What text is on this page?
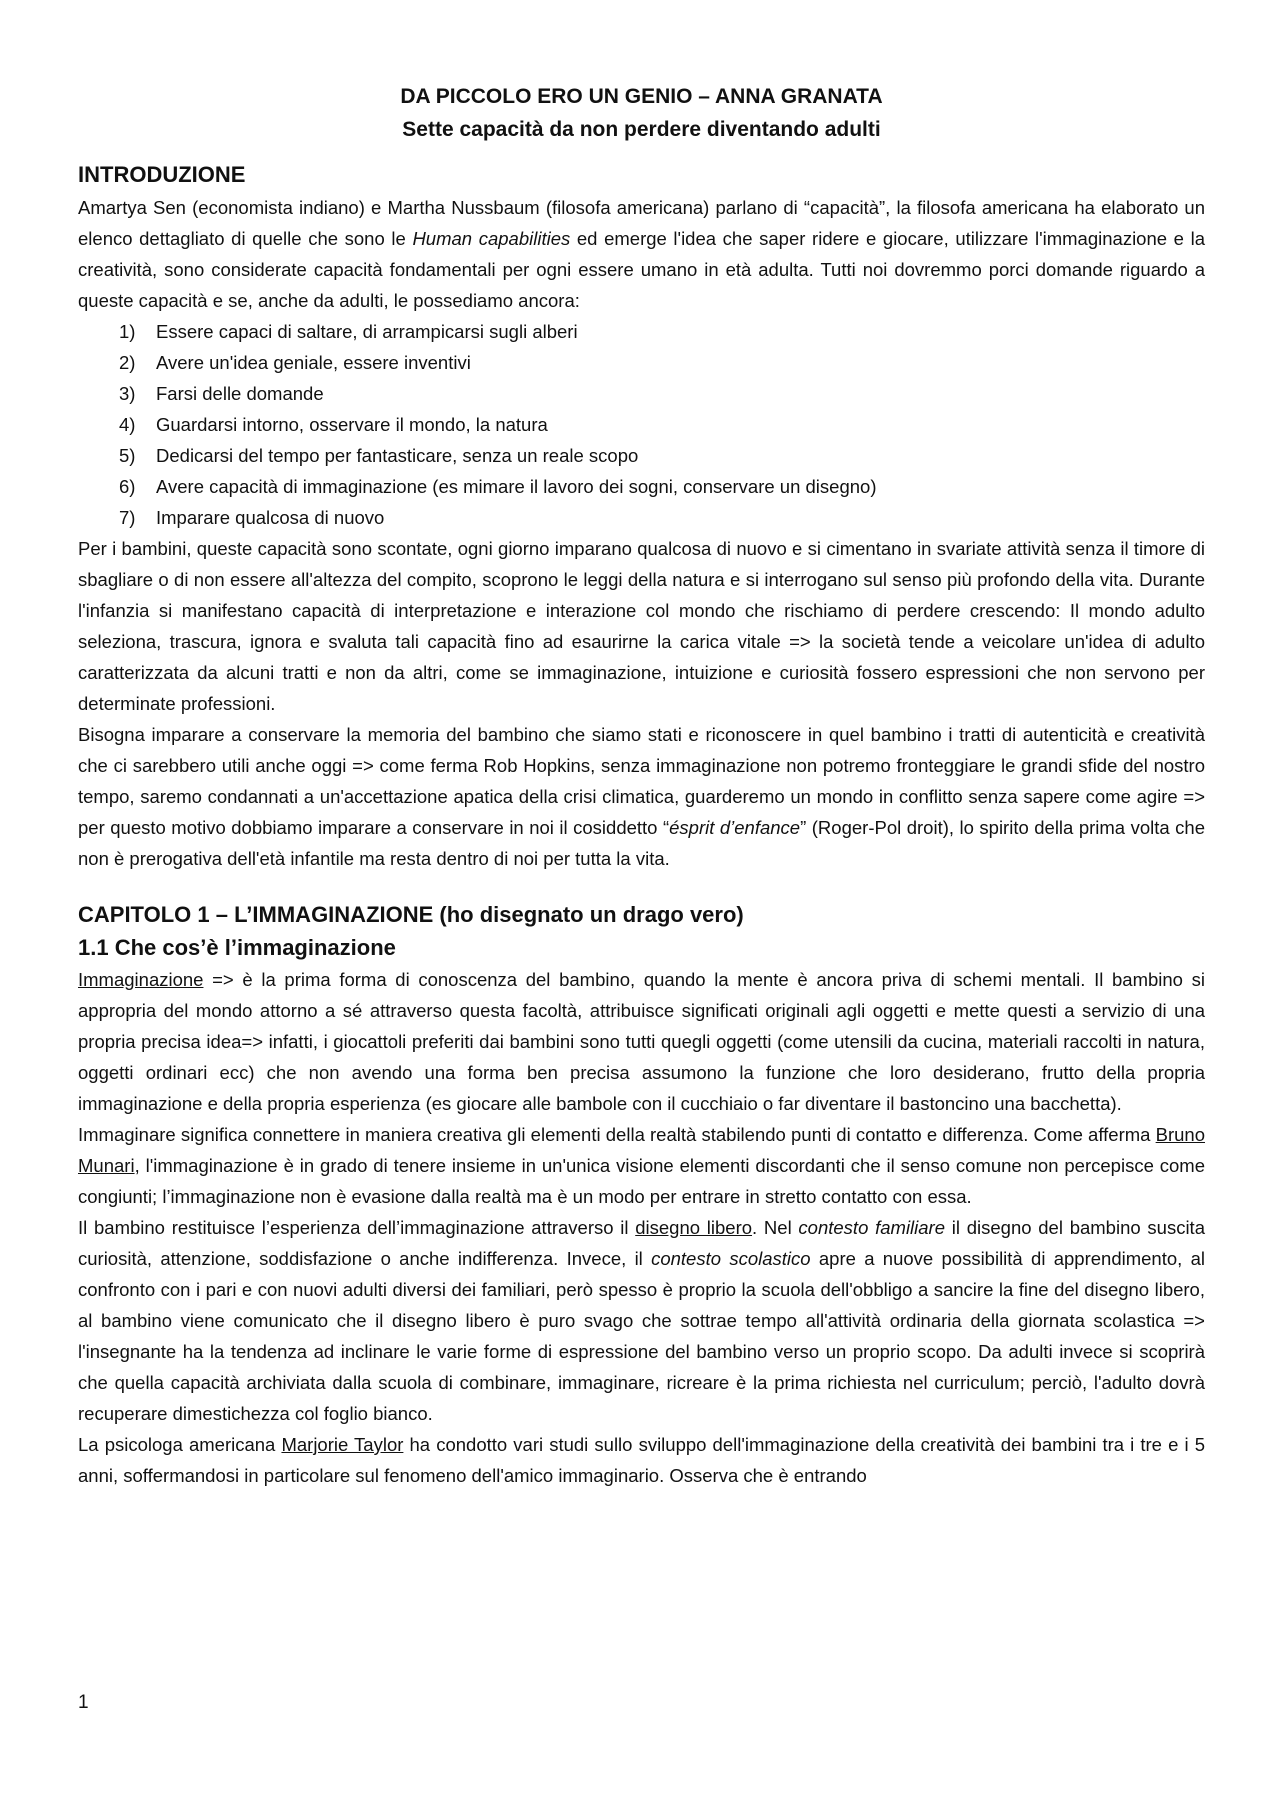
DA PICCOLO ERO UN GENIO – ANNA GRANATA
Sette capacità da non perdere diventando adulti
INTRODUZIONE

Amartya Sen (economista indiano) e Martha Nussbaum (filosofa americana) parlano di “capacità”, la filosofa americana ha elaborato un elenco dettagliato di quelle che sono le Human capabilities ed emerge l'idea che saper ridere e giocare, utilizzare l'immaginazione e la creatività, sono considerate capacità fondamentali per ogni essere umano in età adulta. Tutti noi dovremmo porci domande riguardo a queste capacità e se, anche da adulti, le possediamo ancora:

1) Essere capaci di saltare, di arrampicarsi sugli alberi
2) Avere un'idea geniale, essere inventivi
3) Farsi delle domande
4) Guardarsi intorno, osservare il mondo, la natura
5) Dedicarsi del tempo per fantasticare, senza un reale scopo
6) Avere capacità di immaginazione (es mimare il lavoro dei sogni, conservare un disegno)
7) Imparare qualcosa di nuovo

Per i bambini, queste capacità sono scontate, ogni giorno imparano qualcosa di nuovo e si cimentano in svariate attività senza il timore di sbagliare o di non essere all'altezza del compito, scoprono le leggi della natura e si interrogano sul senso più profondo della vita. Durante l'infanzia si manifestano capacità di interpretazione e interazione col mondo che rischiamo di perdere crescendo: Il mondo adulto seleziona, trascura, ignora e svaluta tali capacità fino ad esaurirne la carica vitale => la società tende a veicolare un'idea di adulto caratterizzata da alcuni tratti e non da altri, come se immaginazione, intuizione e curiosità fossero espressioni che non servono per determinate professioni.

Bisogna imparare a conservare la memoria del bambino che siamo stati e riconoscere in quel bambino i tratti di autenticità e creatività che ci sarebbero utili anche oggi => come ferma Rob Hopkins, senza immaginazione non potremo fronteggiare le grandi sfide del nostro tempo, saremo condannati a un'accettazione apatica della crisi climatica, guarderemo un mondo in conflitto senza sapere come agire => per questo motivo dobbiamo imparare a conservare in noi il cosiddetto “ésprit d’enfance” (Roger-Pol droit), lo spirito della prima volta che non è prerogativa dell'età infantile ma resta dentro di noi per tutta la vita.

CAPITOLO 1 – L’IMMAGINAZIONE (ho disegnato un drago vero)
1.1 Che cos’è l’immaginazione

Immaginazione => è la prima forma di conoscenza del bambino, quando la mente è ancora priva di schemi mentali. Il bambino si appropria del mondo attorno a sé attraverso questa facoltà, attribuisce significati originali agli oggetti e mette questi a servizio di una propria precisa idea=> infatti, i giocattoli preferiti dai bambini sono tutti quegli oggetti (come utensili da cucina, materiali raccolti in natura, oggetti ordinari ecc) che non avendo una forma ben precisa assumono la funzione che loro desiderano, frutto della propria immaginazione e della propria esperienza (es giocare alle bambole con il cucchiaio o far diventare il bastoncino una bacchetta).

Immaginare significa connettere in maniera creativa gli elementi della realtà stabilendo punti di contatto e differenza. Come afferma Bruno Munari, l'immaginazione è in grado di tenere insieme in un'unica visione elementi discordanti che il senso comune non percepisce come congiunti; l’immaginazione non è evasione dalla realtà ma è un modo per entrare in stretto contatto con essa.

Il bambino restituisce l’esperienza dell’immaginazione attraverso il disegno libero. Nel contesto familiare il disegno del bambino suscita curiosità, attenzione, soddisfazione o anche indifferenza. Invece, il contesto scolastico apre a nuove possibilità di apprendimento, al confronto con i pari e con nuovi adulti diversi dei familiari, però spesso è proprio la scuola dell'obbligo a sancire la fine del disegno libero, al bambino viene comunicato che il disegno libero è puro svago che sottrae tempo all'attività ordinaria della giornata scolastica => l'insegnante ha la tendenza ad inclinare le varie forme di espressione del bambino verso un proprio scopo. Da adulti invece si scoprirà che quella capacità archiviata dalla scuola di combinare, immaginare, ricreare è la prima richiesta nel curriculum; perciò, l'adulto dovrà recuperare dimestichezza col foglio bianco.

La psicologa americana Marjorie Taylor ha condotto vari studi sullo sviluppo dell'immaginazione della creatività dei bambini tra i tre e i 5 anni, soffermandosi in particolare sul fenomeno dell'amico immaginario. Osserva che è entrando

1
